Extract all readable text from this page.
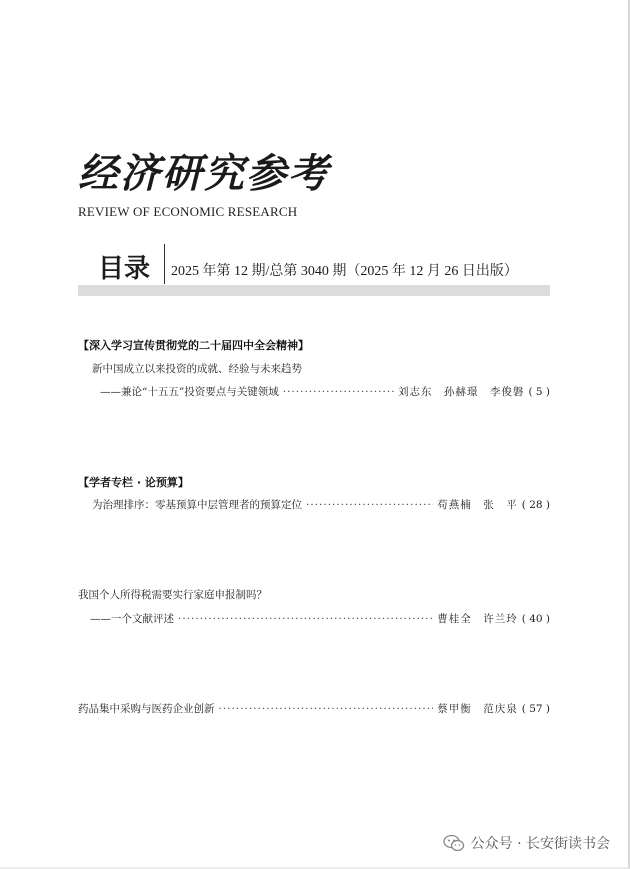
经济研究参考
REVIEW OF ECONOMIC RESEARCH
目录	2025 年第 12 期/总第 3040 期（2025 年 12 月 26 日出版）
【深入学习宣传贯彻党的二十届四中全会精神】
新中国成立以来投资的成就、经验与未来趋势
——兼论“十五五”投资要点与关键领域 ·····	刘志东　孙赫璟　李俊磐 ( 5 )
【学者专栏 · 论预算】
为治理排序：零基预算中层管理者的预算定位 ·····	苟燕楠　张　平 ( 28 )
我国个人所得税需要实行家庭申报制吗？
——一个文献评述 ·····	曹桂全　许兰玲 ( 40 )
药品集中采购与医药企业创新 ·····	蔡甲衡　范庆泉 ( 57 )
公众号 · 长安街读书会
